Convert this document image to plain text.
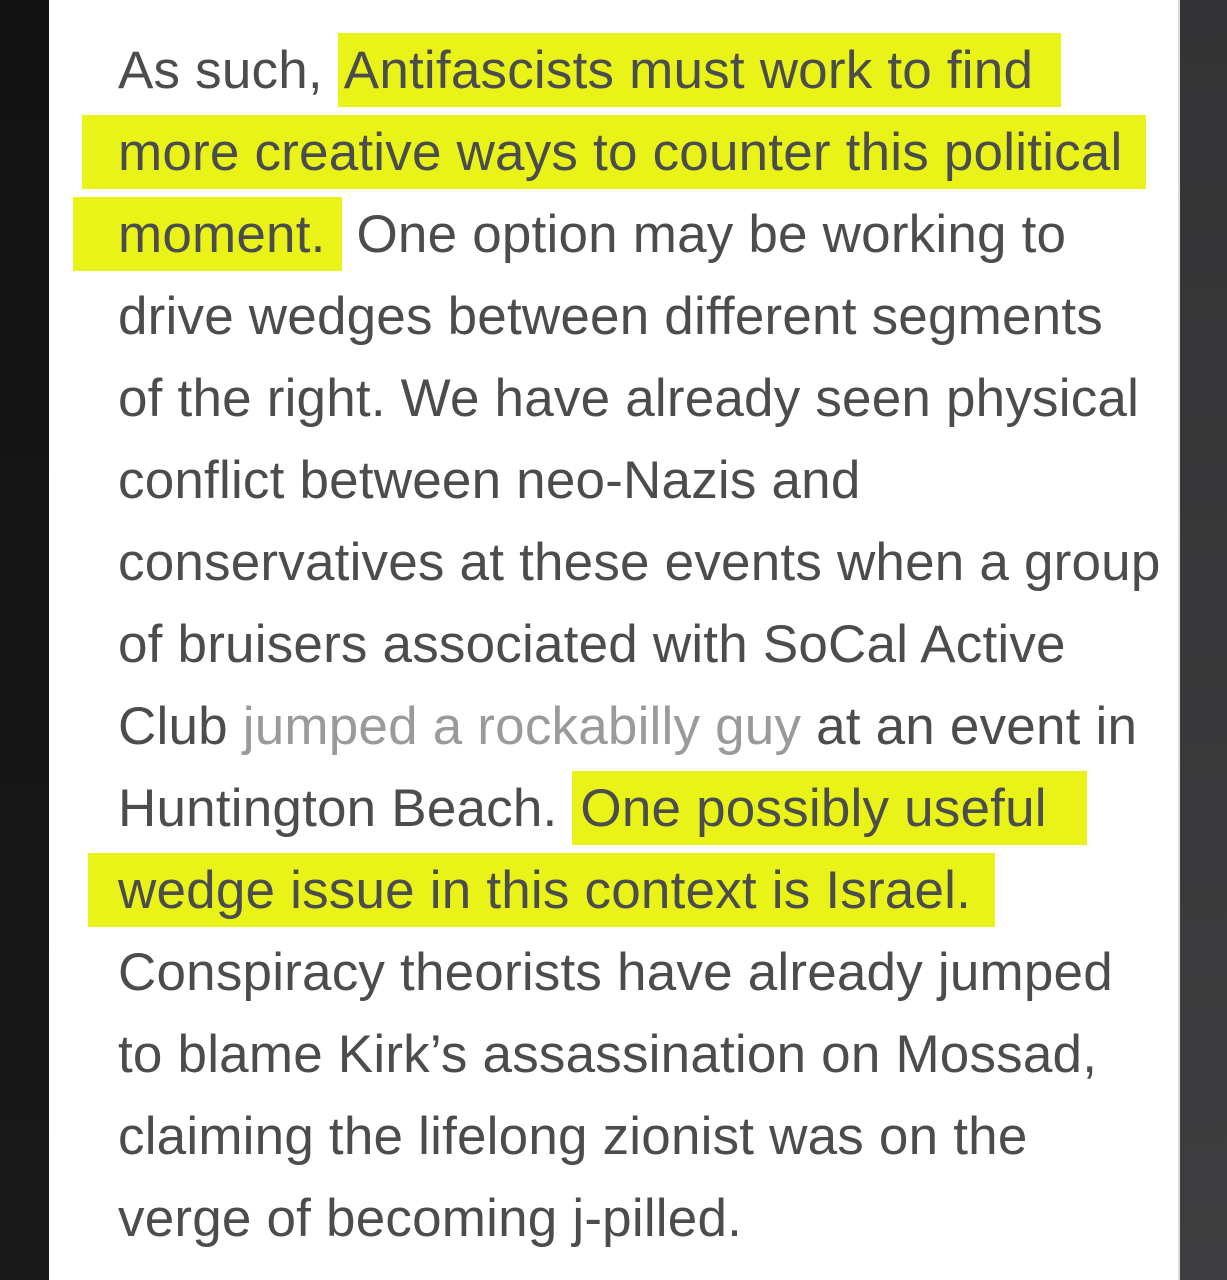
As such, Antifascists must work to find
more creative ways to counter this political
moment. One option may be working to
drive wedges between different segments
of the right. We have already seen physical
conflict between neo-Nazis and
conservatives at these events when a group
of bruisers associated with SoCal Active
Club jumped a rockabilly guy at an event in
Huntington Beach. One possibly useful
wedge issue in this context is Israel.
Conspiracy theorists have already jumped
to blame Kirk’s assassination on Mossad,
claiming the lifelong zionist was on the
verge of becoming j-pilled.
